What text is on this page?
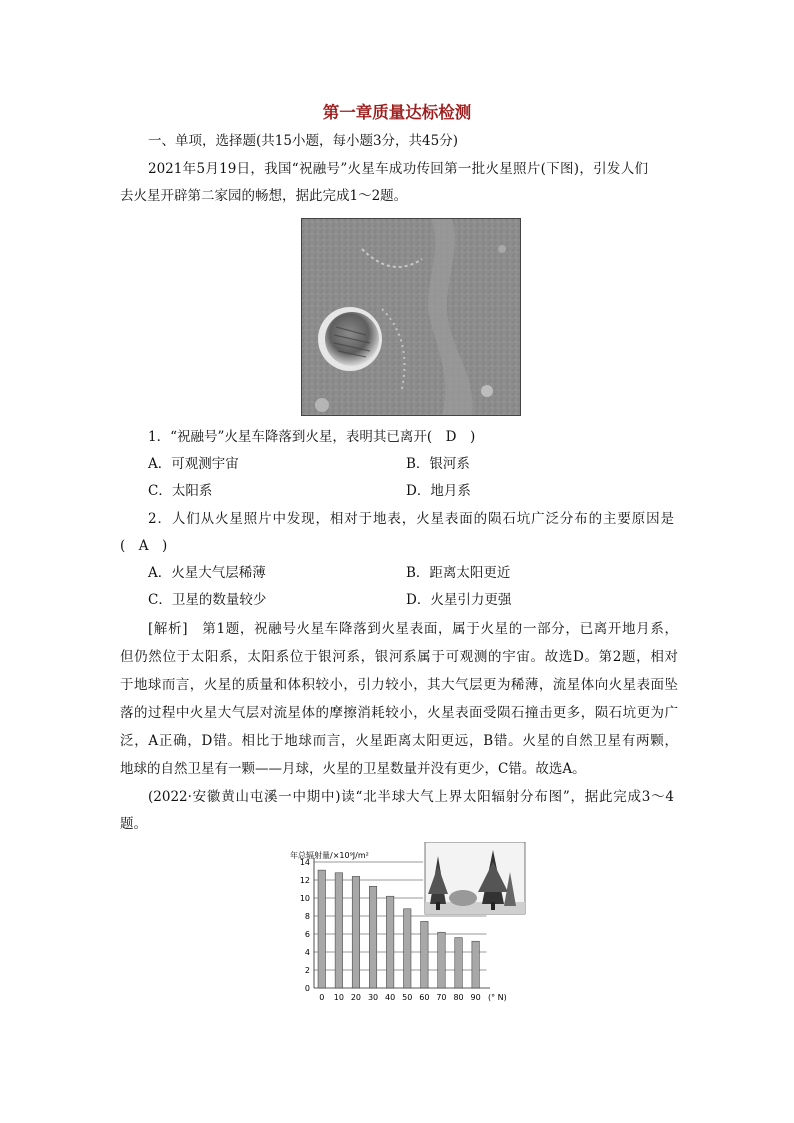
第一章质量达标检测
一、单项，选择题(共15小题，每小题3分，共45分)
2021年5月19日，我国“祝融号”火星车成功传回第一批火星照片(下图)，引发人们
去火星开辟第二家园的畅想，据此完成1～2题。
1．“祝融号”火星车降落到火星，表明其已离开(　D　)
A．可观测宇宙	B．银河系
C．太阳系	D．地月系
2．人们从火星照片中发现，相对于地表，火星表面的陨石坑广泛分布的主要原因是
(　A　)
A．火星大气层稀薄	B．距离太阳更近
C．卫星的数量较少	D．火星引力更强
[解析]　第1题，祝融号火星车降落到火星表面，属于火星的一部分，已离开地月系，
但仍然位于太阳系，太阳系位于银河系，银河系属于可观测的宇宙。故选D。第2题，相对
于地球而言，火星的质量和体积较小，引力较小，其大气层更为稀薄，流星体向火星表面坠
落的过程中火星大气层对流星体的摩擦消耗较小，火星表面受陨石撞击更多，陨石坑更为广
泛，A正确，D错。相比于地球而言，火星距离太阳更远，B错。火星的自然卫星有两颗，
地球的自然卫星有一颗——月球，火星的卫星数量并没有更少，C错。故选A。
(2022·安徽黄山屯溪一中期中)读“北半球大气上界太阳辐射分布图”，据此完成3～4
题。
年总辐射量/×10⁹J/m²
0 10 20 30 40 50 60 70 80 90
0
2
4
6
8
10
12
14
(° N)
